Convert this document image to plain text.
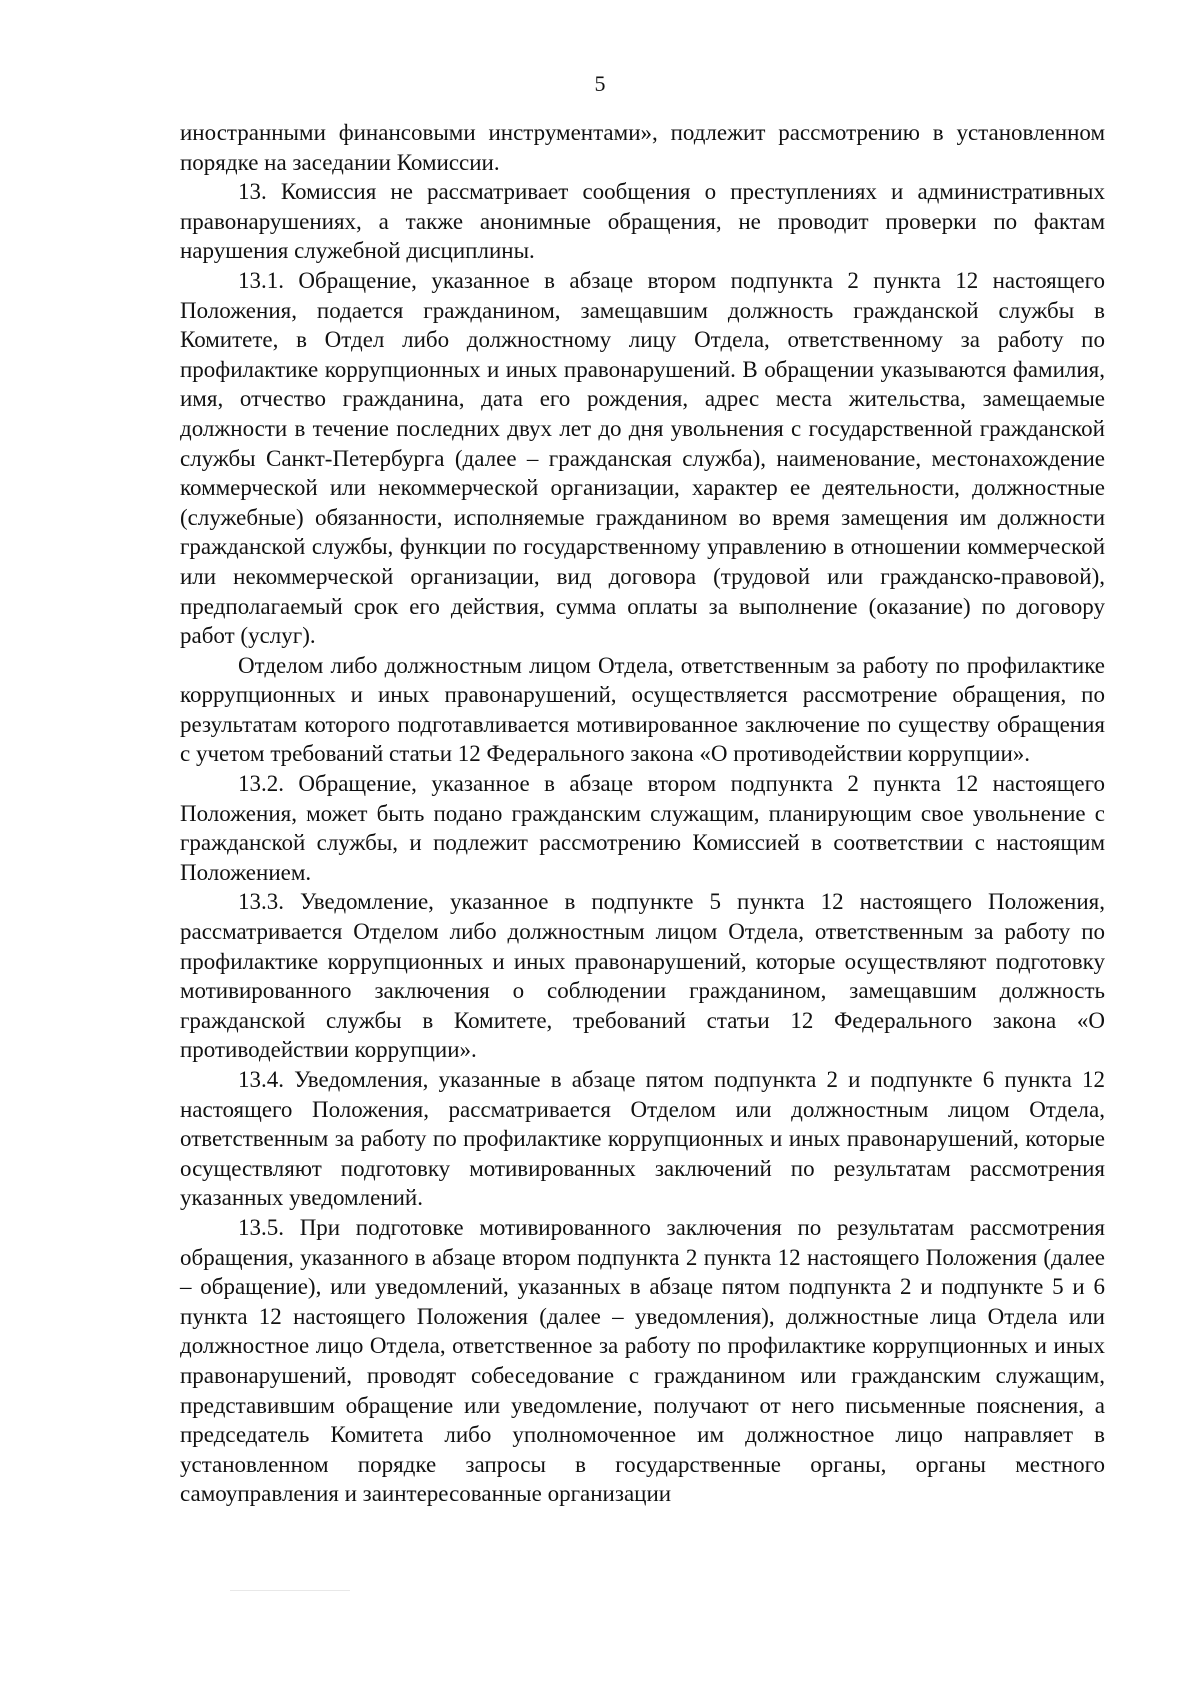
5

иностранными финансовыми инструментами», подлежит рассмотрению в установленном порядке на заседании Комиссии.

13. Комиссия не рассматривает сообщения о преступлениях и административных правонарушениях, а также анонимные обращения, не проводит проверки по фактам нарушения служебной дисциплины.

13.1. Обращение, указанное в абзаце втором подпункта 2 пункта 12 настоящего Положения, подается гражданином, замещавшим должность гражданской службы в Комитете, в Отдел либо должностному лицу Отдела, ответственному за работу по профилактике коррупционных и иных правонарушений. В обращении указываются фамилия, имя, отчество гражданина, дата его рождения, адрес места жительства, замещаемые должности в течение последних двух лет до дня увольнения с государственной гражданской службы Санкт-Петербурга (далее – гражданская служба), наименование, местонахождение коммерческой или некоммерческой организации, характер ее деятельности, должностные (служебные) обязанности, исполняемые гражданином во время замещения им должности гражданской службы, функции по государственному управлению в отношении коммерческой или некоммерческой организации, вид договора (трудовой или гражданско-правовой), предполагаемый срок его действия, сумма оплаты за выполнение (оказание) по договору работ (услуг).

Отделом либо должностным лицом Отдела, ответственным за работу по профилактике коррупционных и иных правонарушений, осуществляется рассмотрение обращения, по результатам которого подготавливается мотивированное заключение по существу обращения с учетом требований статьи 12 Федерального закона «О противодействии коррупции».

13.2. Обращение, указанное в абзаце втором подпункта 2 пункта 12 настоящего Положения, может быть подано гражданским служащим, планирующим свое увольнение с гражданской службы, и подлежит рассмотрению Комиссией в соответствии с настоящим Положением.

13.3. Уведомление, указанное в подпункте 5 пункта 12 настоящего Положения, рассматривается Отделом либо должностным лицом Отдела, ответственным за работу по профилактике коррупционных и иных правонарушений, которые осуществляют подготовку мотивированного заключения о соблюдении гражданином, замещавшим должность гражданской службы в Комитете, требований статьи 12 Федерального закона «О противодействии коррупции».

13.4. Уведомления, указанные в абзаце пятом подпункта 2 и подпункте 6 пункта 12 настоящего Положения, рассматривается Отделом или должностным лицом Отдела, ответственным за работу по профилактике коррупционных и иных правонарушений, которые осуществляют подготовку мотивированных заключений по результатам рассмотрения указанных уведомлений.

13.5. При подготовке мотивированного заключения по результатам рассмотрения обращения, указанного в абзаце втором подпункта 2 пункта 12 настоящего Положения (далее – обращение), или уведомлений, указанных в абзаце пятом подпункта 2 и подпункте 5 и 6 пункта 12 настоящего Положения (далее – уведомления), должностные лица Отдела или должностное лицо Отдела, ответственное за работу по профилактике коррупционных и иных правонарушений, проводят собеседование с гражданином или гражданским служащим, представившим обращение или уведомление, получают от него письменные пояснения, а председатель Комитета либо уполномоченное им должностное лицо направляет в установленном порядке запросы в государственные органы, органы местного самоуправления и заинтересованные организации
